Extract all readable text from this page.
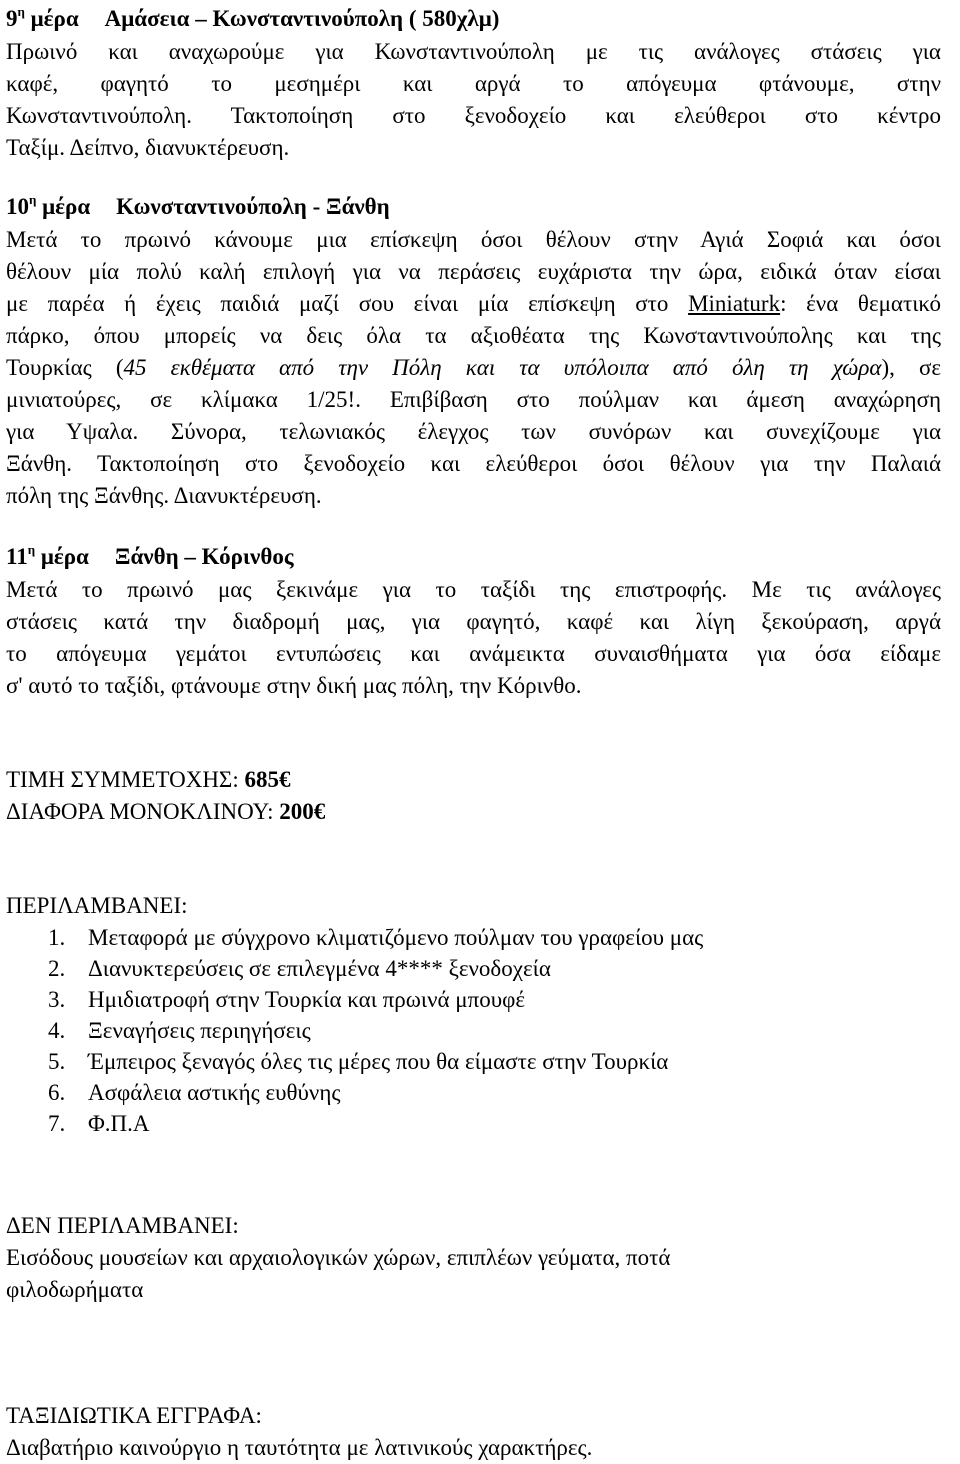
$9^\eta$ μέρα Αμάσεια – Κωνσταντινούπολη ( 580χλμ)
Πρωινό και αναχωρούμε για Κωνσταντινούπολη με τις ανάλογες στάσεις για
καφέ, φαγητό το μεσημέρι και αργά το απόγευμα φτάνουμε, στην
Κωνσταντινούπολη. Τακτοποίηση στο ξενοδοχείο και ελεύθεροι στο κέντρο
Ταξίμ. Δείπνο, διανυκτέρευση.
$10^\eta$ μέρα Κωνσταντινούπολη - Ξάνθη
Μετά το πρωινό κάνουμε μια επίσκεψη όσοι θέλουν στην Αγιά Σοφιά και όσοι
θέλουν μία πολύ καλή επιλογή για να περάσεις ευχάριστα την ώρα, ειδικά όταν είσαι
με παρέα ή έχεις παιδιά μαζί σου είναι μία επίσκεψη στο Miniaturk: ένα θεματικό
πάρκο, όπου μπορείς να δεις όλα τα αξιοθέατα της Κωνσταντινούπολης και της
Τουρκίας (45 εκθέματα από την Πόλη και τα υπόλοιπα από όλη τη χώρα), σε
μινιατούρες, σε κλίμακα 1/25!. Επιβίβαση στο πούλμαν και άμεση αναχώρηση
για Υψαλα. Σύνορα, τελωνιακός έλεγχος των συνόρων και συνεχίζουμε για
Ξάνθη. Τακτοποίηση στο ξενοδοχείο και ελεύθεροι όσοι θέλουν για την Παλαιά
πόλη της Ξάνθης. Διανυκτέρευση.
$11^\eta$ μέρα Ξάνθη – Κόρινθος
Μετά το πρωινό μας ξεκινάμε για το ταξίδι της επιστροφής. Με τις ανάλογες
στάσεις κατά την διαδρομή μας, για φαγητό, καφέ και λίγη ξεκούραση, αργά
το απόγευμα γεμάτοι εντυπώσεις και ανάμεικτα συναισθήματα για όσα είδαμε
σ' αυτό το ταξίδι, φτάνουμε στην δική μας πόλη, την Κόρινθο.
ΤΙΜΗ ΣΥΜΜΕΤΟΧΗΣ: 685€
ΔΙΑΦΟΡΑ ΜΟΝΟΚΛΙΝΟΥ: 200€
ΠΕΡΙΛΑΜΒΑΝΕΙ:
1. Μεταφορά με σύγχρονο κλιματιζόμενο πούλμαν του γραφείου μας
2. Διανυκτερεύσεις σε επιλεγμένα 4**** ξενοδοχεία
3. Ημιδιατροφή στην Τουρκία και πρωινά μπουφέ
4. Ξεναγήσεις περιηγήσεις
5. Έμπειρος ξεναγός όλες τις μέρες που θα είμαστε στην Τουρκία
6. Ασφάλεια αστικής ευθύνης
7. Φ.Π.Α
ΔΕΝ ΠΕΡΙΛΑΜΒΑΝΕΙ:
Εισόδους μουσείων και αρχαιολογικών χώρων, επιπλέων γεύματα, ποτά
φιλοδωρήματα
ΤΑΞΙΔΙΩΤΙΚΑ ΕΓΓΡΑΦΑ:
Διαβατήριο καινούργιο η ταυτότητα με λατινικούς χαρακτήρες.
